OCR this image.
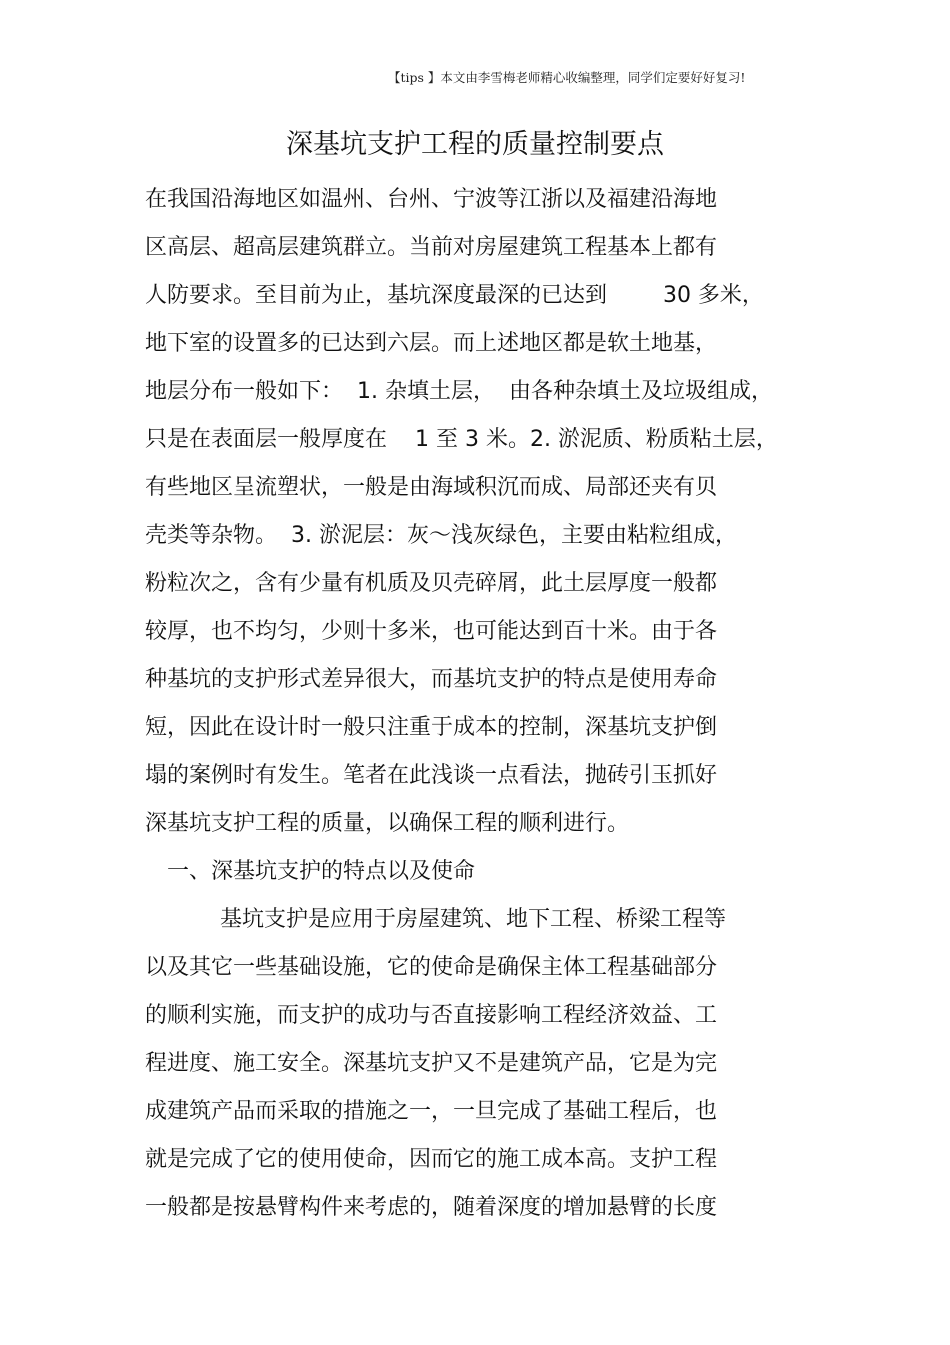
【tips 】本文由李雪梅老师精心收编整理，同学们定要好好复习!
深基坑支护工程的质量控制要点
在我国沿海地区如温州、台州、宁波等江浙以及福建沿海地
区高层、超高层建筑群立。当前对房屋建筑工程基本上都有
人防要求。至目前为止，基坑深度最深的已达到        30 多米，
地下室的设置多的已达到六层。而上述地区都是软土地基，
地层分布一般如下：  1. 杂填土层，  由各种杂填土及垃圾组成，
只是在表面层一般厚度在    1 至 3 米。2. 淤泥质、粉质粘土层，
有些地区呈流塑状，一般是由海域积沉而成、局部还夹有贝
壳类等杂物。  3. 淤泥层：灰～浅灰绿色，主要由粘粒组成，
粉粒次之，含有少量有机质及贝壳碎屑，此土层厚度一般都
较厚，也不均匀，少则十多米，也可能达到百十米。由于各
种基坑的支护形式差异很大，而基坑支护的特点是使用寿命
短，因此在设计时一般只注重于成本的控制，深基坑支护倒
塌的案例时有发生。笔者在此浅谈一点看法，抛砖引玉抓好
深基坑支护工程的质量，以确保工程的顺利进行。
一、深基坑支护的特点以及使命
基坑支护是应用于房屋建筑、地下工程、桥梁工程等
以及其它一些基础设施，它的使命是确保主体工程基础部分
的顺利实施，而支护的成功与否直接影响工程经济效益、工
程进度、施工安全。深基坑支护又不是建筑产品，它是为完
成建筑产品而采取的措施之一，一旦完成了基础工程后，也
就是完成了它的使用使命，因而它的施工成本高。支护工程
一般都是按悬臂构件来考虑的，随着深度的增加悬臂的长度
